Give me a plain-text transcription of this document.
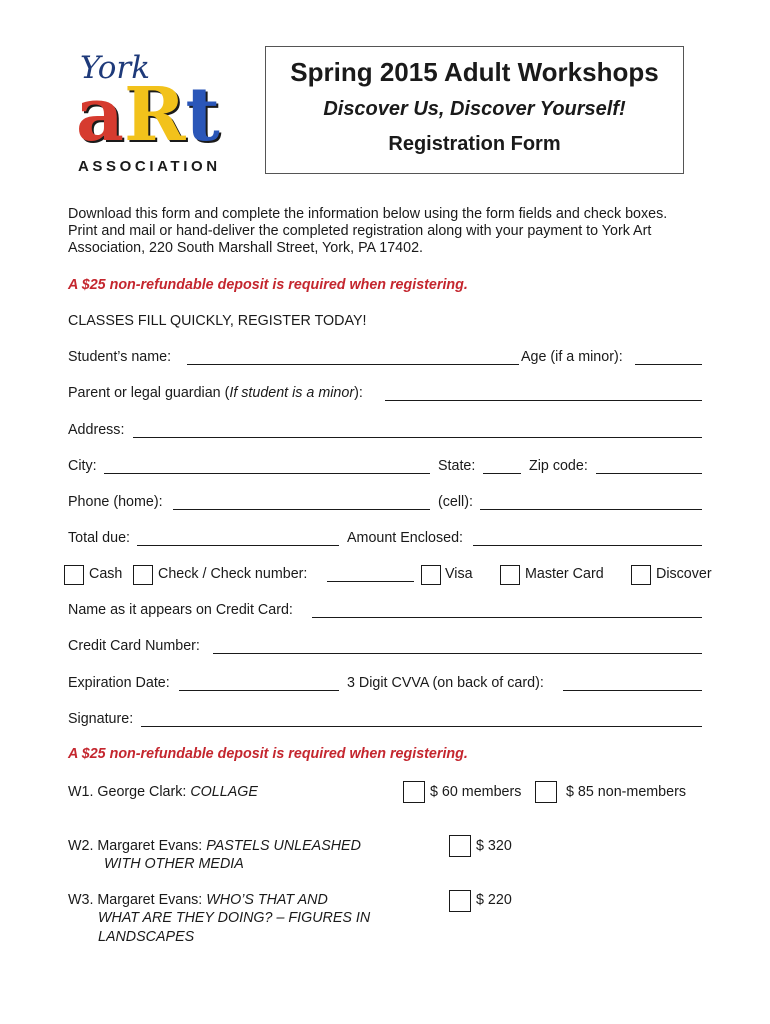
York
aRt
ASSOCIATION
Spring 2015 Adult Workshops
Discover Us, Discover Yourself!
Registration Form
Download this form and complete the information below using the form fields and check boxes.
Print and mail or hand-deliver the completed registration along with your payment to York Art
Association, 220 South Marshall Street, York, PA 17402.
A $25 non-refundable deposit is required when registering.
CLASSES FILL QUICKLY, REGISTER TODAY!
Student’s name:	Age (if a minor):
Parent or legal guardian (If student is a minor):
Address:
City:	State:	Zip code:
Phone (home):	(cell):
Total due:	Amount Enclosed:
Cash Check / Check number:	Visa	Master Card	Discover
Name as it appears on Credit Card:
Credit Card Number:
Expiration Date:	3 Digit CVVA (on back of card):
Signature:
A $25 non-refundable deposit is required when registering.
W1. George Clark: COLLAGE	$ 60 members	$ 85 non-members
W2. Margaret Evans: PASTELS UNLEASHED
WITH OTHER MEDIA
$ 320
W3. Margaret Evans: WHO’S THAT AND
WHAT ARE THEY DOING? – FIGURES IN
LANDSCAPES
$ 220
